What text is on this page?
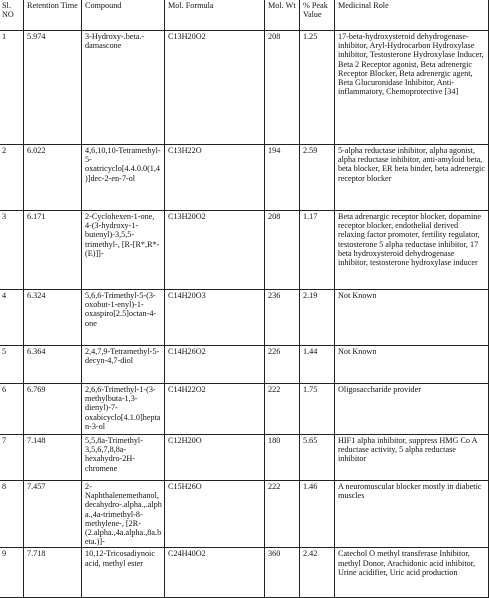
Sl. NO	Retention Time	Compound	Mol. Formula	Mol. Wt	% Peak Value	Medicinal Role
1	5.974	3-Hydroxy-.beta.-damascone	C13H20O2	208	1.25	17-beta-hydroxysteroid dehydrogenase-inhibitor, Aryl-Hydrocarbon Hydroxylase inhibitor, Testosterone Hydroxylase Inducer, Beta 2 Receptor agonist, Beta adrenergic Receptor Blocker, Beta adrenergic agent, Beta Glucuronidase Inhibitor, Anti-inflammatory, Chemoprotective [34]
2	6.022	4,6,10,10-Tetramethyl-5-oxatricyclo[4.4.0.0(1,4)]dec-2-en-7-ol	C13H22O	194	2.59	5-alpha reductase inhibitor, alpha agonist, alpha reductase inhibitor, anti-amyloid beta, beta blocker, ER beta binder, beta adrenergic receptor blocker
3	6.171	2-Cyclohexen-1-one, 4-(3-hydroxy-1-butenyl)-3,5,5-trimethyl-, [R-[R*,R*-(E)]]-	C13H20O2	208	1.17	Beta adrenargic receptor blocker, dopamine receptor blocker, endothelial derived relaxing factor promoter, fertility regulator, testosterone 5 alpha reductase inhibitor, 17 beta hydroxysteroid dehydrogenase inhibitor, testosterone hydroxylase inducer
4	6.324	5,6,6-Trimethyl-5-(3-oxobut-1-enyl)-1-oxaspiro[2.5]octan-4-one	C14H20O3	236	2.19	Not Known
5	6.364	2,4,7,9-Tetramethyl-5-decyn-4,7-diol	C14H26O2	226	1.44	Not Known
6	6.769	2,6,6-Trimethyl-1-(3-methylbuta-1,3-dienyl)-7-oxabicyclo[4.1.0]heptan-3-ol	C14H22O2	222	1.75	Oligosaccharide provider
7	7.148	5,5,8a-Trimethyl-3,5,6,7,8,8a-hexahydro-2H-chromene	C12H20O	180	5.65	HIF1 alpha inhibitor, suppress HMG Co A reductase activity, 5 alpha reductase inhibitor
8	7.457	2-Naphthalenemethanol, decahydro-.alpha.,.alpha.,4a-trimethyl-8-methylene-, [2R-(2.alpha.,4a.alpha.,8a.beta.)]-	C15H26O	222	1.46	A neuromuscular blocker mostly in diabetic muscles
9	7.718	10,12-Tricosadiynoic acid, methyl ester	C24H40O2	360	2.42	Catechol O methyl transferase Inhibitor, methyl Donor, Arachidonic acid inhibitor, Urine acidifier, Uric acid production
